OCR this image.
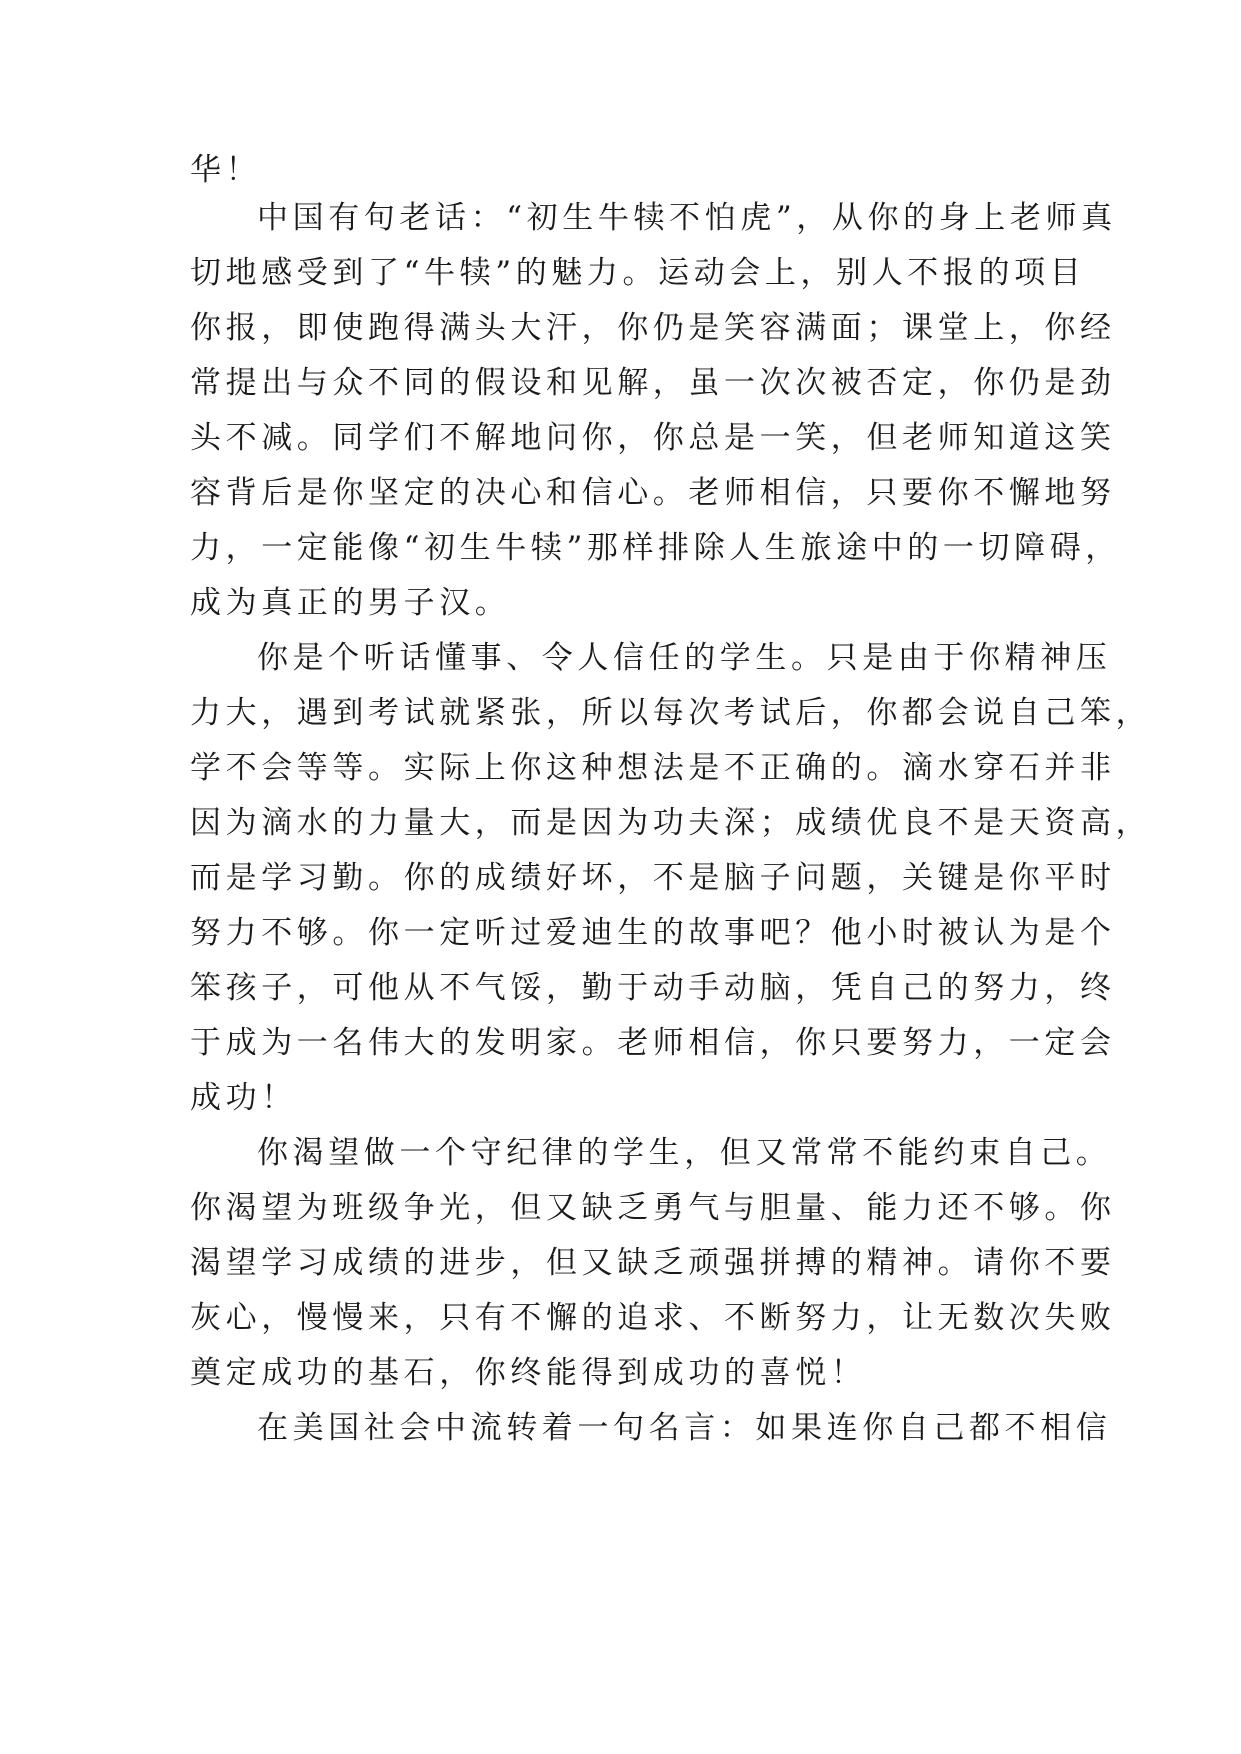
华！
中国有句老话：“初生牛犊不怕虎”，从你的身上老师真
切地感受到了“牛犊”的魅力。运动会上，别人不报的项目
你报，即使跑得满头大汗，你仍是笑容满面；课堂上，你经
常提出与众不同的假设和见解，虽一次次被否定，你仍是劲
头不减。同学们不解地问你，你总是一笑，但老师知道这笑
容背后是你坚定的决心和信心。老师相信，只要你不懈地努
力，一定能像“初生牛犊”那样排除人生旅途中的一切障碍，
成为真正的男子汉。
你是个听话懂事、令人信任的学生。只是由于你精神压
力大，遇到考试就紧张，所以每次考试后，你都会说自己笨，
学不会等等。实际上你这种想法是不正确的。滴水穿石并非
因为滴水的力量大，而是因为功夫深；成绩优良不是天资高，
而是学习勤。你的成绩好坏，不是脑子问题，关键是你平时
努力不够。你一定听过爱迪生的故事吧？他小时被认为是个
笨孩子，可他从不气馁，勤于动手动脑，凭自己的努力，终
于成为一名伟大的发明家。老师相信，你只要努力，一定会
成功！
你渴望做一个守纪律的学生，但又常常不能约束自己。
你渴望为班级争光，但又缺乏勇气与胆量、能力还不够。你
渴望学习成绩的进步，但又缺乏顽强拼搏的精神。请你不要
灰心，慢慢来，只有不懈的追求、不断努力，让无数次失败
奠定成功的基石，你终能得到成功的喜悦！
在美国社会中流转着一句名言：如果连你自己都不相信
